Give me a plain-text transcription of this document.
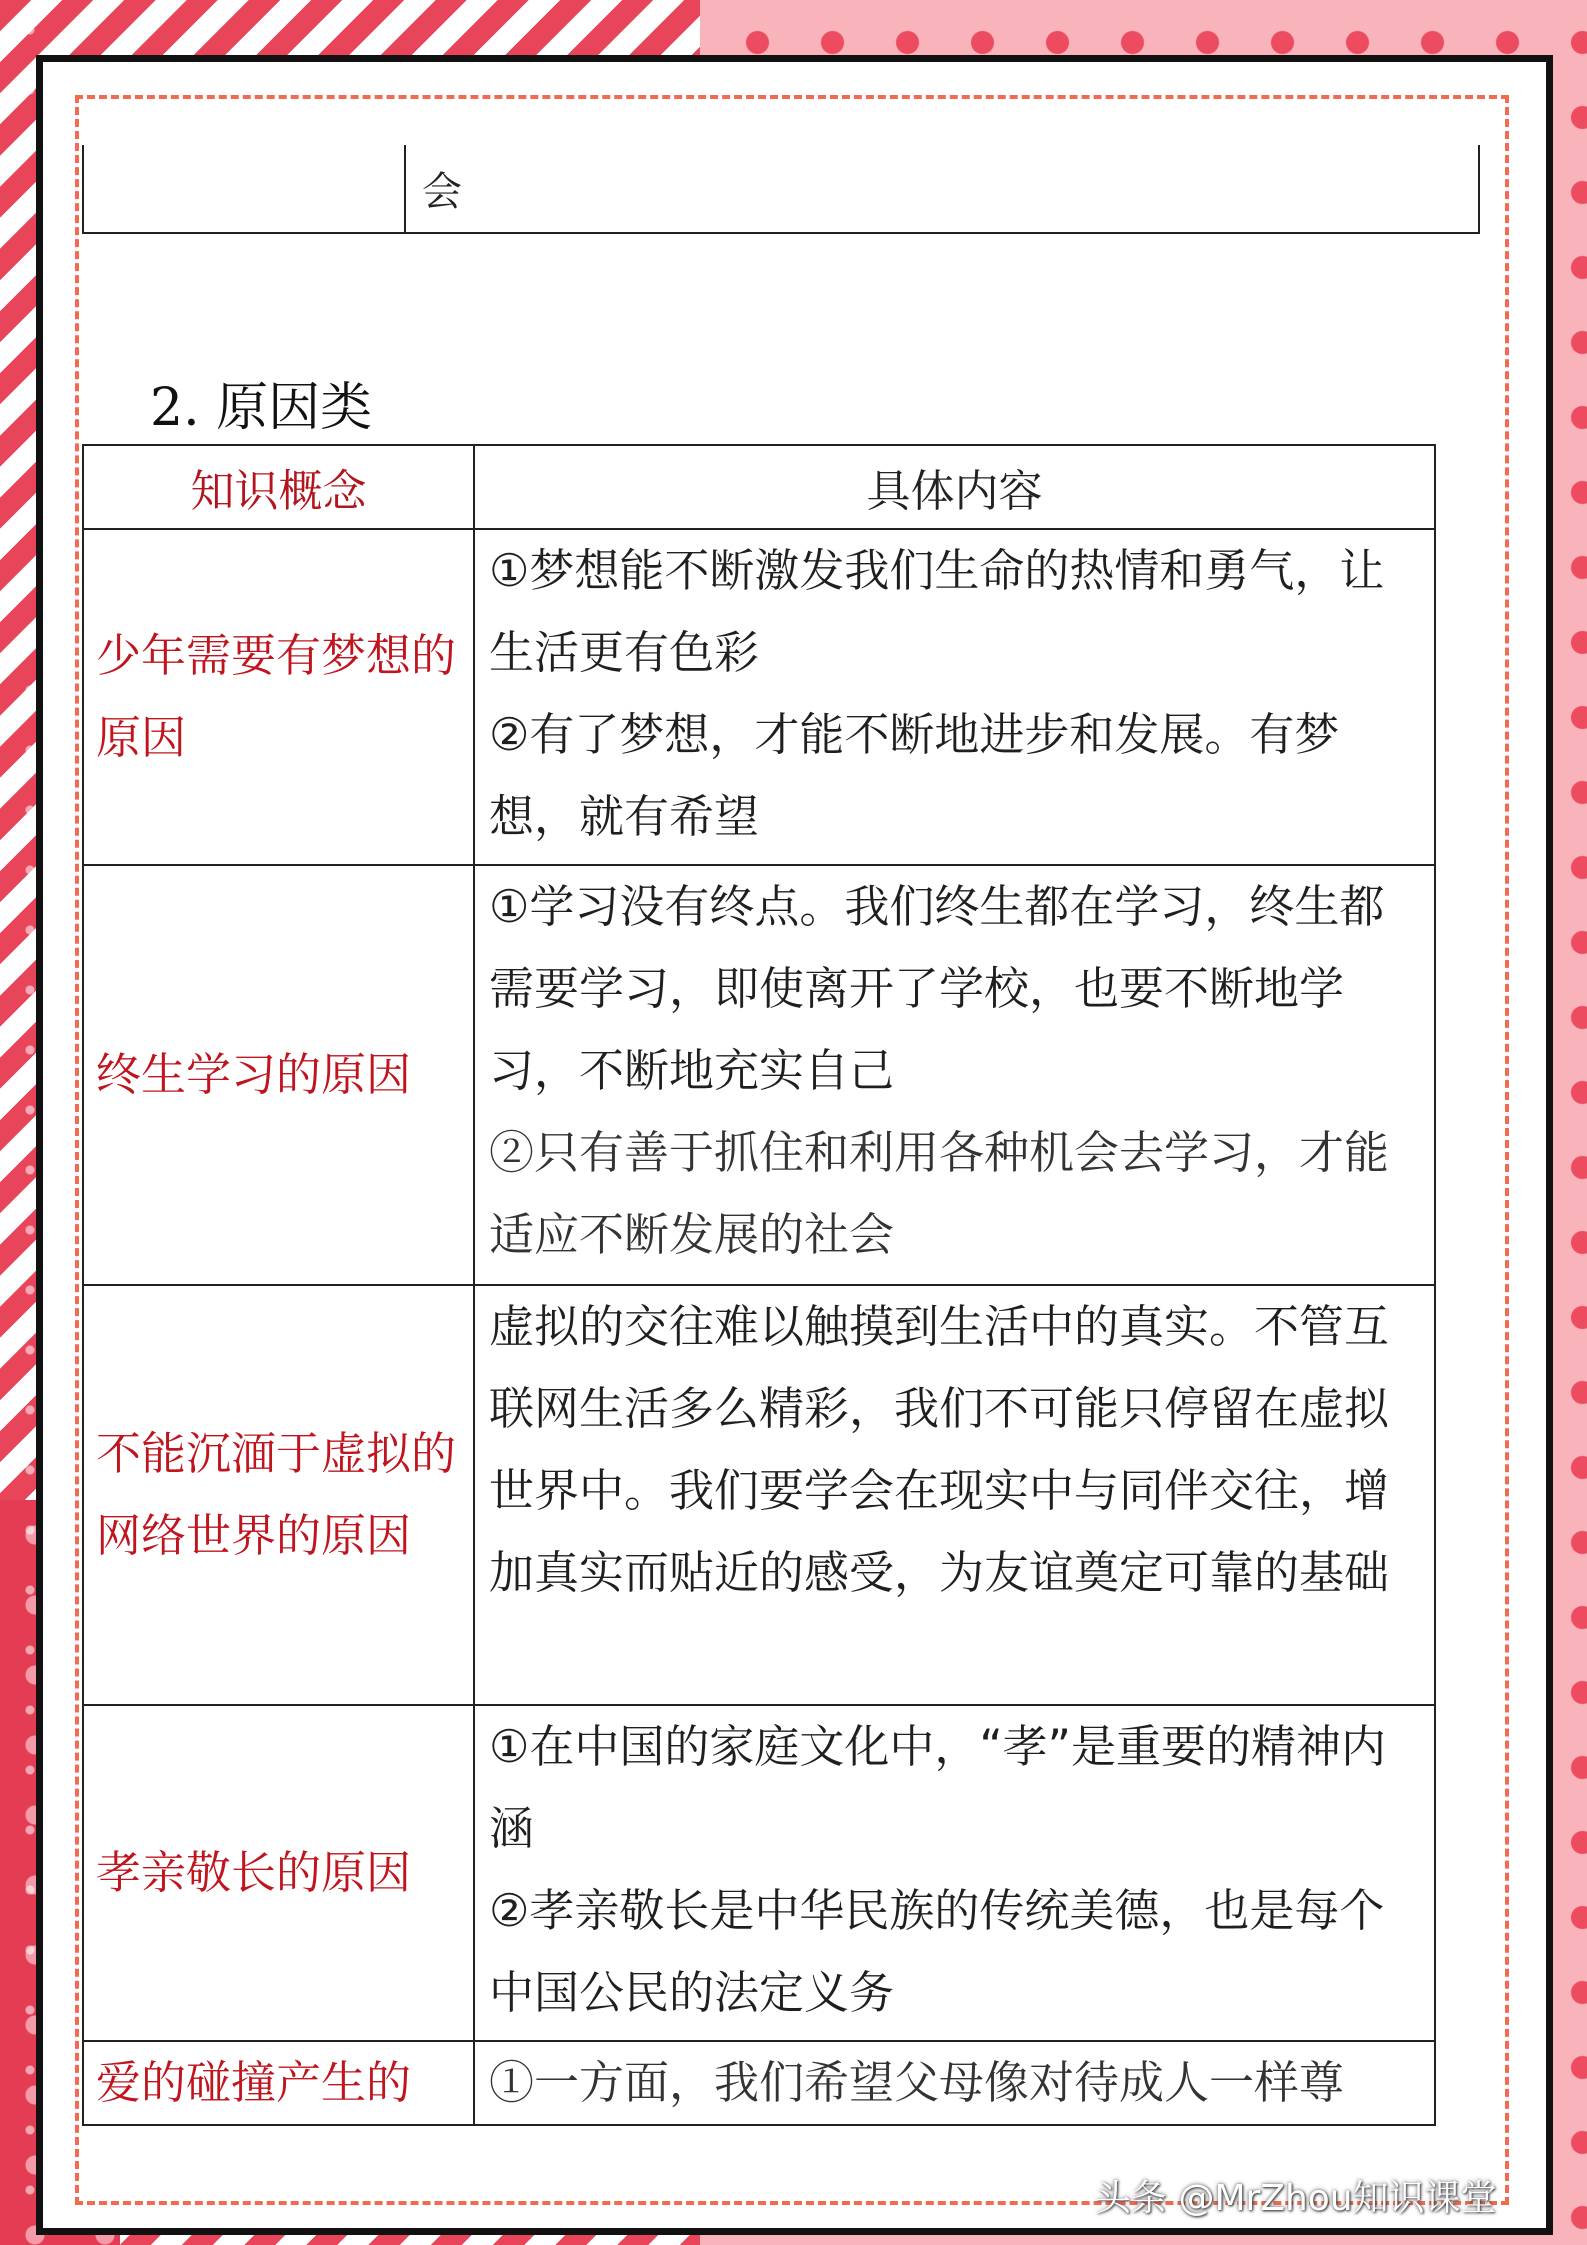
	会
2. 原因类
知识概念	具体内容
少年需要有梦想的原因	①梦想能不断激发我们生命的热情和勇气，让生活更有色彩

②有了梦想，才能不断地进步和发展。有梦想，就有希望

终生学习的原因	①学习没有终点。我们终生都在学习，终生都需要学习，即使离开了学校，也要不断地学习，不断地充实自己

②只有善于抓住和利用各种机会去学习，才能适应不断发展的社会

不能沉湎于虚拟的网络世界的原因	虚拟的交往难以触摸到生活中的真实。不管互联网生活多么精彩，我们不可能只停留在虚拟世界中。我们要学会在现实中与同伴交往，增加真实而贴近的感受，为友谊奠定可靠的基础

孝亲敬长的原因	①在中国的家庭文化中，“孝”是重要的精神内涵

②孝亲敬长是中华民族的传统美德，也是每个中国公民的法定义务

爱的碰撞产生的	①一方面，我们希望父母像对待成人一样尊

头条 @MrZhou知识课堂
